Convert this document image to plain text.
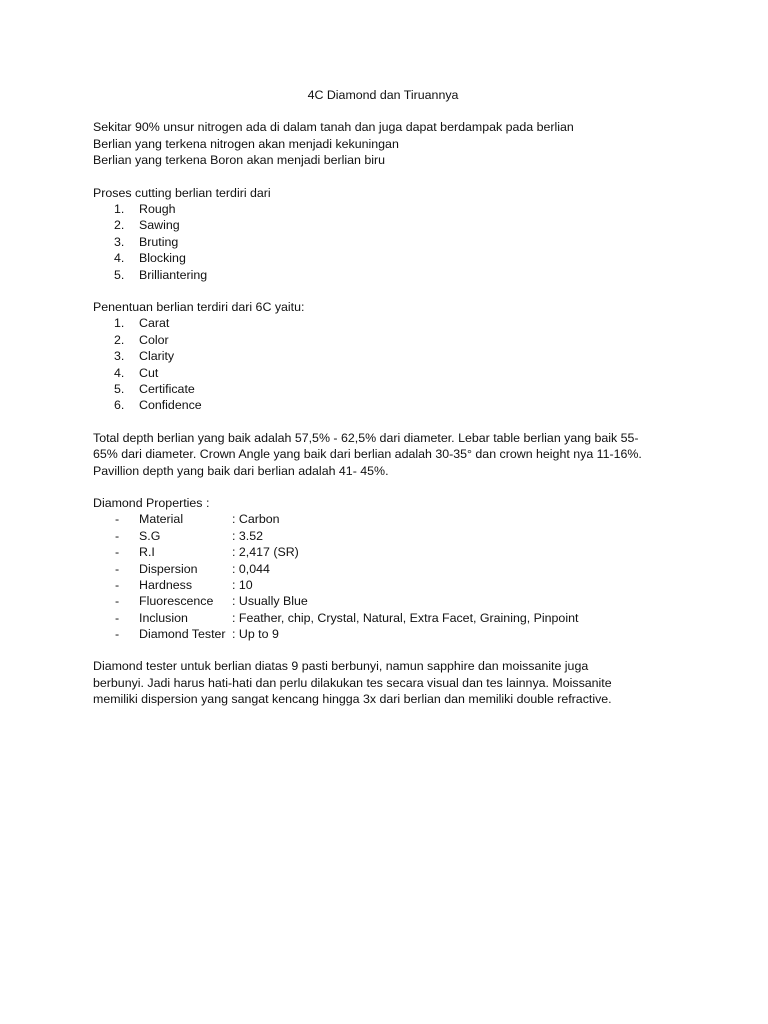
4C Diamond dan Tiruannya

Sekitar 90% unsur nitrogen ada di dalam tanah dan juga dapat berdampak pada berlian
Berlian yang terkena nitrogen akan menjadi kekuningan
Berlian yang terkena Boron akan menjadi berlian biru

Proses cutting berlian terdiri dari
1. Rough
2. Sawing
3. Bruting
4. Blocking
5. Brilliantering
Penentuan berlian terdiri dari 6C yaitu:
1. Carat
2. Color
3. Clarity
4. Cut
5. Certificate
6. Confidence

Total depth berlian yang baik adalah 57,5% - 62,5% dari diameter. Lebar table berlian yang baik 55-
65% dari diameter. Crown Angle yang baik dari berlian adalah 30-35° dan crown height nya 11-16%.
Pavillion depth yang baik dari berlian adalah 41- 45%.

Diamond Properties :
- Material	: Carbon
- S.G	: 3.52
- R.I	: 2,417 (SR)
- Dispersion	: 0,044
- Hardness	: 10
- Fluorescence : Usually Blue
- Inclusion	: Feather, chip, Crystal, Natural, Extra Facet, Graining, Pinpoint
- Diamond Tester : Up to 9

Diamond tester untuk berlian diatas 9 pasti berbunyi, namun sapphire dan moissanite juga
berbunyi. Jadi harus hati-hati dan perlu dilakukan tes secara visual dan tes lainnya. Moissanite
memiliki dispersion yang sangat kencang hingga 3x dari berlian dan memiliki double refractive.
